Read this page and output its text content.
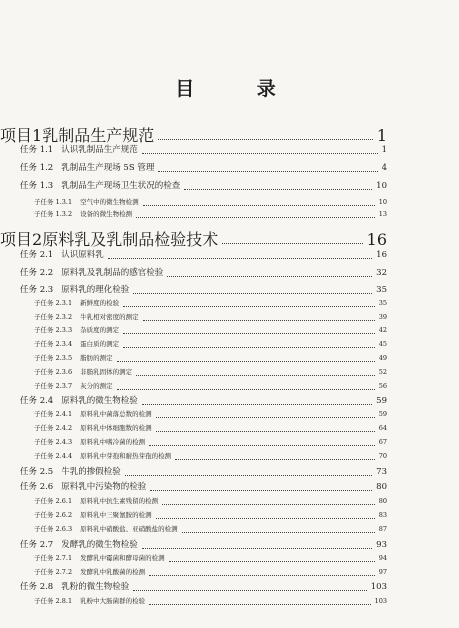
目 录
项目1 乳制品生产规范	1
任务 1.1 认识乳制品生产规范	1
任务 1.2 乳制品生产现场 5S 管理	4
任务 1.3 乳制品生产现场卫生状况的检查	10
子任务 1.3.1 空气中的微生物检测	10
子任务 1.3.2 设备的微生物检测	13
项目2 原料乳及乳制品检验技术	16
任务 2.1 认识原料乳	16
任务 2.2 原料乳及乳制品的感官检验	32
任务 2.3 原料乳的理化检验	35
子任务 2.3.1 新鲜度的检验	35
子任务 2.3.2 牛乳相对密度的测定	39
子任务 2.3.3 杂质度的测定	42
子任务 2.3.4 蛋白质的测定	45
子任务 2.3.5 脂肪的测定	49
子任务 2.3.6 非脂乳固体的测定	52
子任务 2.3.7 灰分的测定	56
任务 2.4 原料乳的微生物检验	59
子任务 2.4.1 原料乳中菌落总数的检测	59
子任务 2.4.2 原料乳中体细胞数的检测	64
子任务 2.4.3 原料乳中嗜冷菌的检测	67
子任务 2.4.4 原料乳中芽孢和耐热芽孢的检测	70
任务 2.5 牛乳的掺假检验	73
任务 2.6 原料乳中污染物的检验	80
子任务 2.6.1 原料乳中抗生素残留的检测	80
子任务 2.6.2 原料乳中三聚氰胺的检测	83
子任务 2.6.3 原料乳中硝酸盐、亚硝酸盐的检测	87
任务 2.7 发酵乳的微生物检验	93
子任务 2.7.1 发酵乳中霉菌和酵母菌的检测	94
子任务 2.7.2 发酵乳中乳酸菌的检测	97
任务 2.8 乳粉的微生物检验	103
子任务 2.8.1 乳粉中大肠菌群的检验	103
